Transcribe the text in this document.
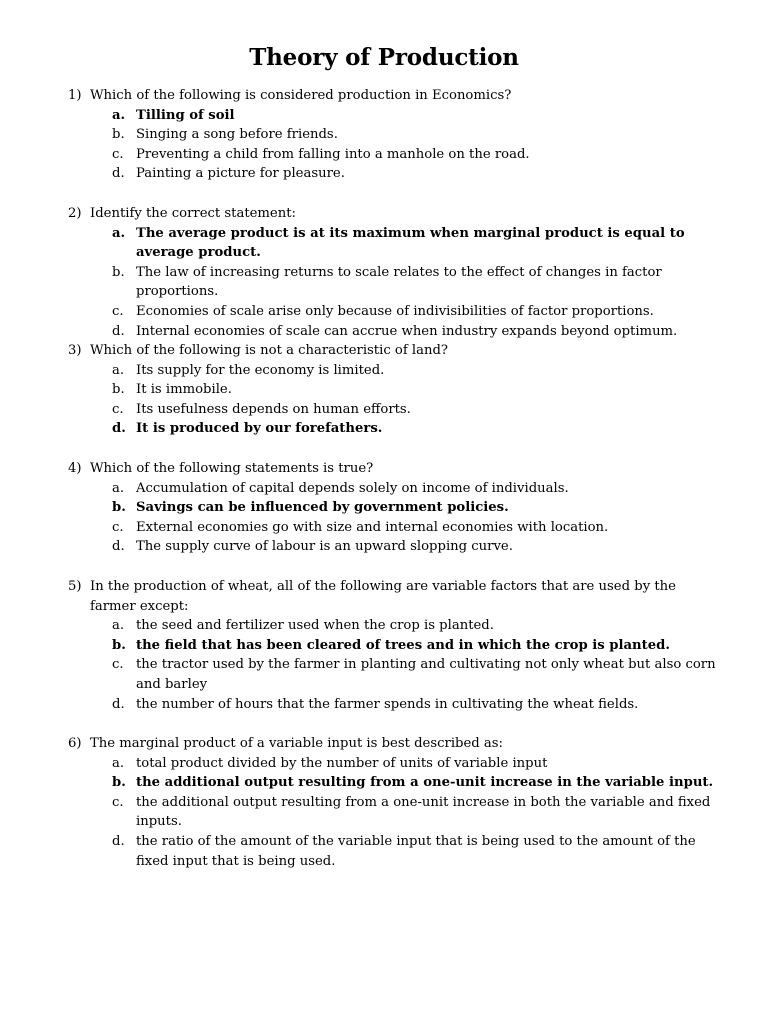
Theory of Production
1) Which of the following is considered production in Economics?
a. Tilling of soil
b. Singing a song before friends.
c. Preventing a child from falling into a manhole on the road.
d. Painting a picture for pleasure.
2) Identify the correct statement:
a. The average product is at its maximum when marginal product is equal to average product.
b. The law of increasing returns to scale relates to the effect of changes in factor proportions.
c. Economies of scale arise only because of indivisibilities of factor proportions.
d. Internal economies of scale can accrue when industry expands beyond optimum.
3) Which of the following is not a characteristic of land?
a. Its supply for the economy is limited.
b. It is immobile.
c. Its usefulness depends on human efforts.
d. It is produced by our forefathers.
4) Which of the following statements is true?
a. Accumulation of capital depends solely on income of individuals.
b. Savings can be influenced by government policies.
c. External economies go with size and internal economies with location.
d. The supply curve of labour is an upward slopping curve.
5) In the production of wheat, all of the following are variable factors that are used by the farmer except:
a. the seed and fertilizer used when the crop is planted.
b. the field that has been cleared of trees and in which the crop is planted.
c. the tractor used by the farmer in planting and cultivating not only wheat but also corn and barley
d. the number of hours that the farmer spends in cultivating the wheat fields.
6) The marginal product of a variable input is best described as:
a. total product divided by the number of units of variable input
b. the additional output resulting from a one-unit increase in the variable input.
c. the additional output resulting from a one-unit increase in both the variable and fixed inputs.
d. the ratio of the amount of the variable input that is being used to the amount of the fixed input that is being used.
